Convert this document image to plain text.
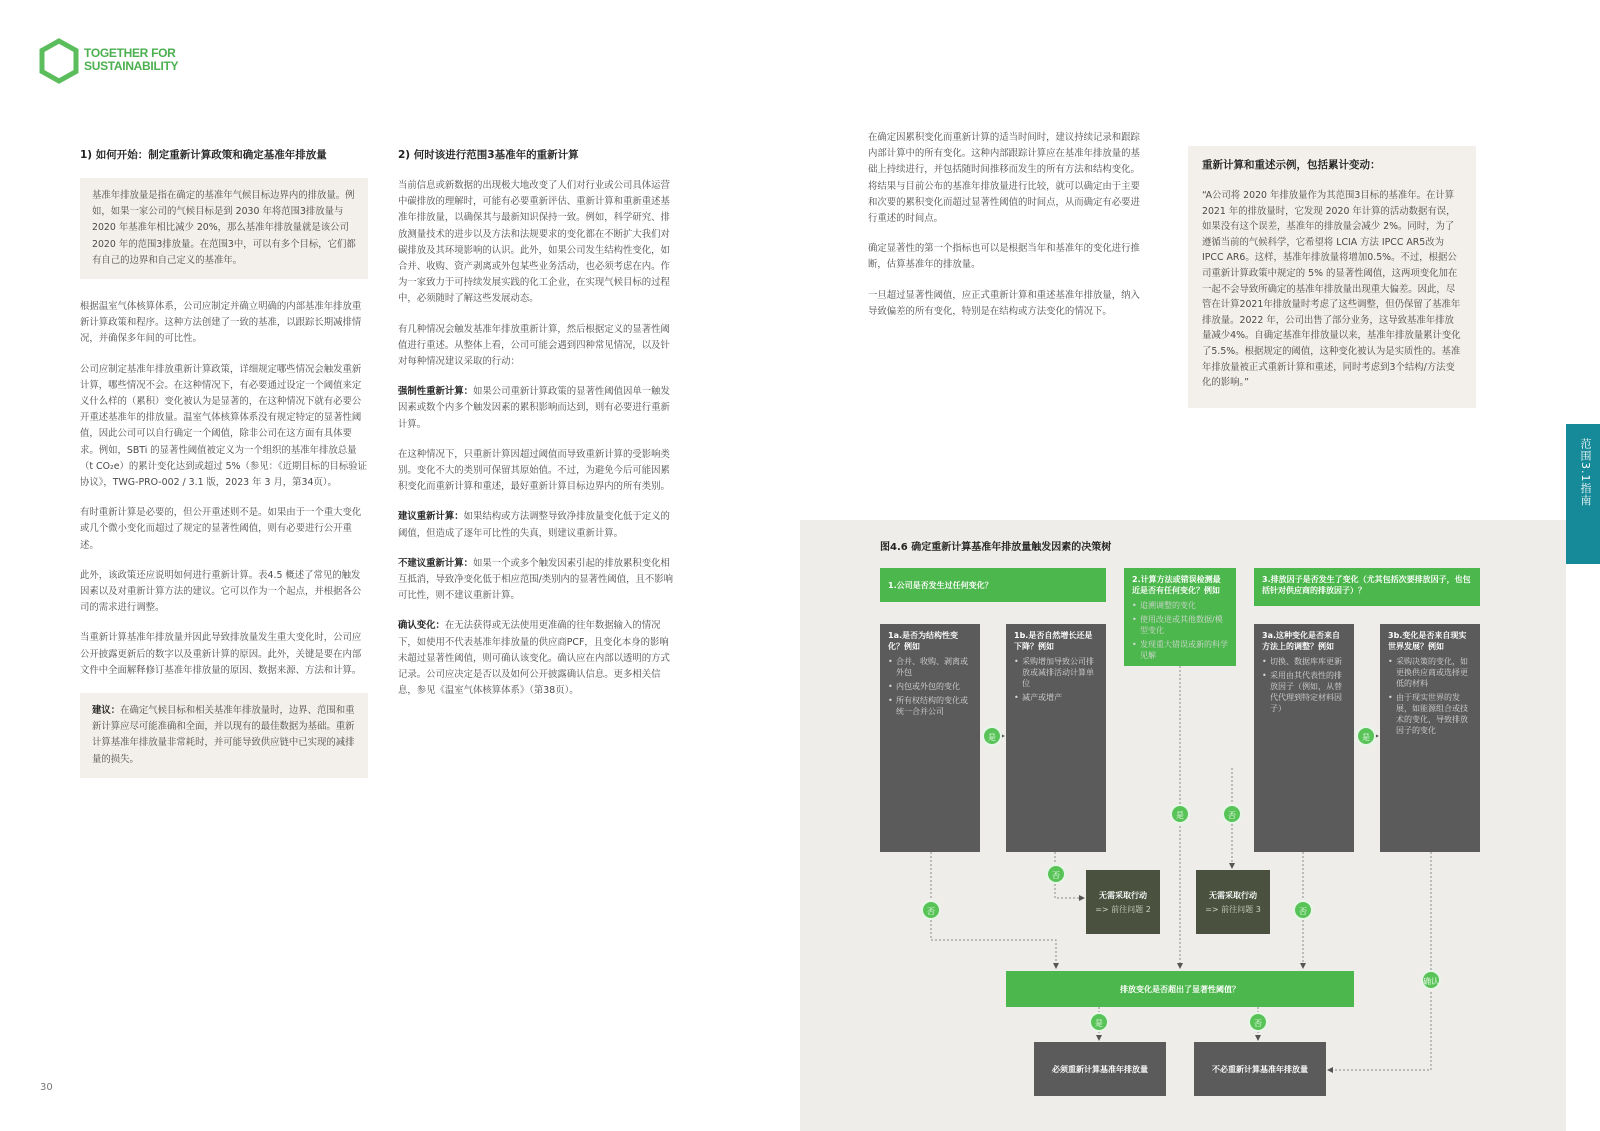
TOGETHER FOR
SUSTAINABILITY
1) 如何开始：制定重新计算政策和确定基准年排放量

基准年排放量是指在确定的基准年气候目标边界内的排放量。例如，如果一家公司的气候目标是到 2030 年将范围3排放量与 2020 年基准年相比减少 20%，那么基准年排放量就是该公司 2020 年的范围3排放量。在范围3中，可以有多个目标，它们都有自己的边界和自己定义的基准年。

根据温室气体核算体系，公司应制定并确立明确的内部基准年排放重新计算政策和程序。这种方法创建了一致的基准，以跟踪长期减排情况，并确保多年间的可比性。

公司应制定基准年排放重新计算政策，详细规定哪些情况会触发重新计算，哪些情况不会。在这种情况下，有必要通过设定一个阈值来定义什么样的（累积）变化被认为是显著的，在这种情况下就有必要公开重述基准年的排放量。温室气体核算体系没有规定特定的显著性阈值，因此公司可以自行确定一个阈值，除非公司在这方面有具体要求。例如，SBTi 的显著性阈值被定义为一个组织的基准年排放总量（t CO₂e）的累计变化达到或超过 5%（参见：《近期目标的目标验证协议》，TWG-PRO-002 / 3.1 版，2023 年 3 月，第34页）。

有时重新计算是必要的，但公开重述则不是。如果由于一个重大变化或几个微小变化而超过了规定的显著性阈值，则有必要进行公开重述。

此外，该政策还应说明如何进行重新计算。表4.5 概述了常见的触发因素以及对重新计算方法的建议。它可以作为一个起点，并根据各公司的需求进行调整。

当重新计算基准年排放量并因此导致排放量发生重大变化时，公司应公开披露更新后的数字以及重新计算的原因。此外，关键是要在内部文件中全面解释修订基准年排放量的原因、数据来源、方法和计算。

建议：在确定气候目标和相关基准年排放量时，边界、范围和重新计算应尽可能准确和全面，并以现有的最佳数据为基础。重新计算基准年排放量非常耗时，并可能导致供应链中已实现的减排量的损失。

2) 何时该进行范围3基准年的重新计算

当前信息或新数据的出现极大地改变了人们对行业或公司具体运营中碳排放的理解时，可能有必要重新评估、重新计算和重新重述基准年排放量，以确保其与最新知识保持一致。例如，科学研究、排放测量技术的进步以及方法和法规要求的变化都在不断扩大我们对碳排放及其环境影响的认识。此外，如果公司发生结构性变化，如合并、收购、资产剥离或外包某些业务活动，也必须考虑在内。作为一家致力于可持续发展实践的化工企业，在实现气候目标的过程中，必须随时了解这些发展动态。

有几种情况会触发基准年排放重新计算，然后根据定义的显著性阈值进行重述。从整体上看，公司可能会遇到四种常见情况，以及针对每种情况建议采取的行动：

强制性重新计算：如果公司重新计算政策的显著性阈值因单一触发因素或数个内多个触发因素的累积影响而达到，则有必要进行重新计算。

在这种情况下，只重新计算因超过阈值而导致重新计算的受影响类别。变化不大的类别可保留其原始值。不过，为避免今后可能因累积变化而重新计算和重述，最好重新计算目标边界内的所有类别。

建议重新计算：如果结构或方法调整导致净排放量变化低于定义的阈值，但造成了逐年可比性的失真，则建议重新计算。

不建议重新计算：如果一个或多个触发因素引起的排放累积变化相互抵消，导致净变化低于相应范围/类别内的显著性阈值，且不影响可比性，则不建议重新计算。

确认变化：在无法获得或无法使用更准确的往年数据输入的情况下，如使用不代表基准年排放量的供应商PCF，且变化本身的影响未超过显著性阈值，则可确认该变化。确认应在内部以透明的方式记录。公司应决定是否以及如何公开披露确认信息。更多相关信息，参见《温室气体核算体系》（第38页）。

在确定因累积变化而重新计算的适当时间时，建议持续记录和跟踪内部计算中的所有变化。这种内部跟踪计算应在基准年排放量的基础上持续进行，并包括随时间推移而发生的所有方法和结构变化。将结果与目前公布的基准年排放量进行比较，就可以确定由于主要和次要的累积变化而超过显著性阈值的时间点，从而确定有必要进行重述的时间点。

确定显著性的第一个指标也可以是根据当年和基准年的变化进行推断，估算基准年的排放量。

一旦超过显著性阈值，应正式重新计算和重述基准年排放量，纳入导致偏差的所有变化，特别是在结构或方法变化的情况下。

重新计算和重述示例，包括累计变动：

“A公司将 2020 年排放量作为其范围3目标的基准年。在计算 2021 年的排放量时，它发现 2020 年计算的活动数据有误，如果没有这个误差，基准年的排放量会减少 2%。同时，为了遵循当前的气候科学，它希望将 LCIA 方法 IPCC AR5改为 IPCC AR6。这样，基准年排放量将增加0.5%。不过，根据公司重新计算政策中规定的 5% 的显著性阈值，这两项变化加在一起不会导致所确定的基准年排放量出现重大偏差。因此，尽管在计算2021年排放量时考虑了这些调整，但仍保留了基准年排放量。2022 年，公司出售了部分业务，这导致基准年排放量减少4%。自确定基准年排放量以来，基准年排放量累计变化了5.5%。根据规定的阈值，这种变化被认为是实质性的。基准年排放量被正式重新计算和重述，同时考虑到3个结构/方法变化的影响。”

范围3.1指南
30
图4.6 确定重新计算基准年排放量触发因素的决策树
1.公司是否发生过任何变化？
2.计算方法或错误检测最近是否有任何变化？例如
• 追溯调整的变化
• 使用改进或其他数据/模型变化
• 发现重大错误或新的科学见解
3.排放因子是否发生了变化（尤其包括次要排放因子，也包括针对供应商的排放因子）？
1a.是否为结构性变化？例如
• 合并、收购、剥离或外包
• 内包或外包的变化
• 所有权结构的变化或统一合并公司
1b.是否自然增长还是下降？例如
• 采购增加导致公司排放或减排活动计算单位
• 减产或增产
3a.这种变化是否来自方法上的调整？例如
• 切换、数据库库更新
• 采用由其代表性的排放因子（例如，从替代代理到特定材料因子）
3b.变化是否来自现实世界发展？例如
• 采购决策的变化，如更换供应商或选择更低的材料
• 由于现实世界的发展，如能源组合或技术的变化，导致排放因子的变化
无需采取行动
=> 前往问题 2
无需采取行动
=> 前往问题 3
排放变化是否超出了显著性阈值？
必须重新计算基准年排放量	不必重新计算基准年排放量
是
否
否
是	否
是
否
确认
是	否
